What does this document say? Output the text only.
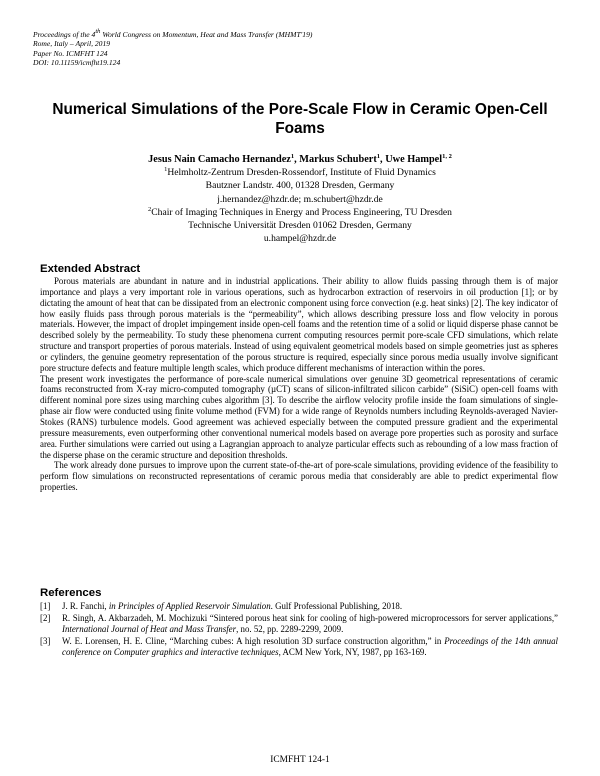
Proceedings of the 4th World Congress on Momentum, Heat and Mass Transfer (MHMT'19)
Rome, Italy – April, 2019
Paper No. ICMFHT 124
DOI: 10.11159/icmfht19.124
Numerical Simulations of the Pore-Scale Flow in Ceramic Open-Cell Foams
Jesus Nain Camacho Hernandez$^1$, Markus Schubert$^1$, Uwe Hampel$^{1, 2}$
$^1$Helmholtz-Zentrum Dresden-Rossendorf, Institute of Fluid Dynamics
Bautzner Landstr. 400, 01328 Dresden, Germany
j.hernandez@hzdr.de; m.schubert@hzdr.de
$^2$Chair of Imaging Techniques in Energy and Process Engineering, TU Dresden
Technische Universität Dresden 01062 Dresden, Germany
u.hampel@hzdr.de
Extended Abstract

Porous materials are abundant in nature and in industrial applications. Their ability to allow fluids passing through them is of major importance and plays a very important role in various operations, such as hydrocarbon extraction of reservoirs in oil production [1]; or by dictating the amount of heat that can be dissipated from an electronic component using force convection (e.g. heat sinks) [2]. The key indicator of how easily fluids pass through porous materials is the “permeability”, which allows describing pressure loss and flow velocity in porous materials. However, the impact of droplet impingement inside open-cell foams and the retention time of a solid or liquid disperse phase cannot be described solely by the permeability. To study these phenomena current computing resources permit pore-scale CFD simulations, which relate structure and transport properties of porous materials. Instead of using equivalent geometrical models based on simple geometries just as spheres or cylinders, the genuine geometry representation of the porous structure is required, especially since porous media usually involve significant pore structure defects and feature multiple length scales, which produce different mechanisms of interaction within the pores.

The present work investigates the performance of pore-scale numerical simulations over genuine 3D geometrical representations of ceramic foams reconstructed from X-ray micro-computed tomography (µCT) scans of silicon-infiltrated silicon carbide” (SiSiC) open-cell foams with different nominal pore sizes using marching cubes algorithm [3]. To describe the airflow velocity profile inside the foam simulations of single-phase air flow were conducted using finite volume method (FVM) for a wide range of Reynolds numbers including Reynolds-averaged Navier-Stokes (RANS) turbulence models. Good agreement was achieved especially between the computed pressure gradient and the experimental pressure measurements, even outperforming other conventional numerical models based on average pore properties such as porosity and surface area. Further simulations were carried out using a Lagrangian approach to analyze particular effects such as rebounding of a low mass fraction of the disperse phase on the ceramic structure and deposition thresholds.

The work already done pursues to improve upon the current state-of-the-art of pore-scale simulations, providing evidence of the feasibility to perform flow simulations on reconstructed representations of ceramic porous media that considerably are able to predict experimental flow properties.

References
[1]	J. R. Fanchi, in Principles of Applied Reservoir Simulation. Gulf Professional Publishing, 2018.
[2]	R. Singh, A. Akbarzadeh, M. Mochizuki “Sintered porous heat sink for cooling of high-powered microprocessors for server applications,” International Journal of Heat and Mass Transfer, no. 52, pp. 2289-2299, 2009.
[3]	W. E. Lorensen, H. E. Cline, “Marching cubes: A high resolution 3D surface construction algorithm,” in Proceedings of the 14th annual conference on Computer graphics and interactive techniques, ACM New York, NY, 1987, pp 163-169.
ICMFHT 124-1
